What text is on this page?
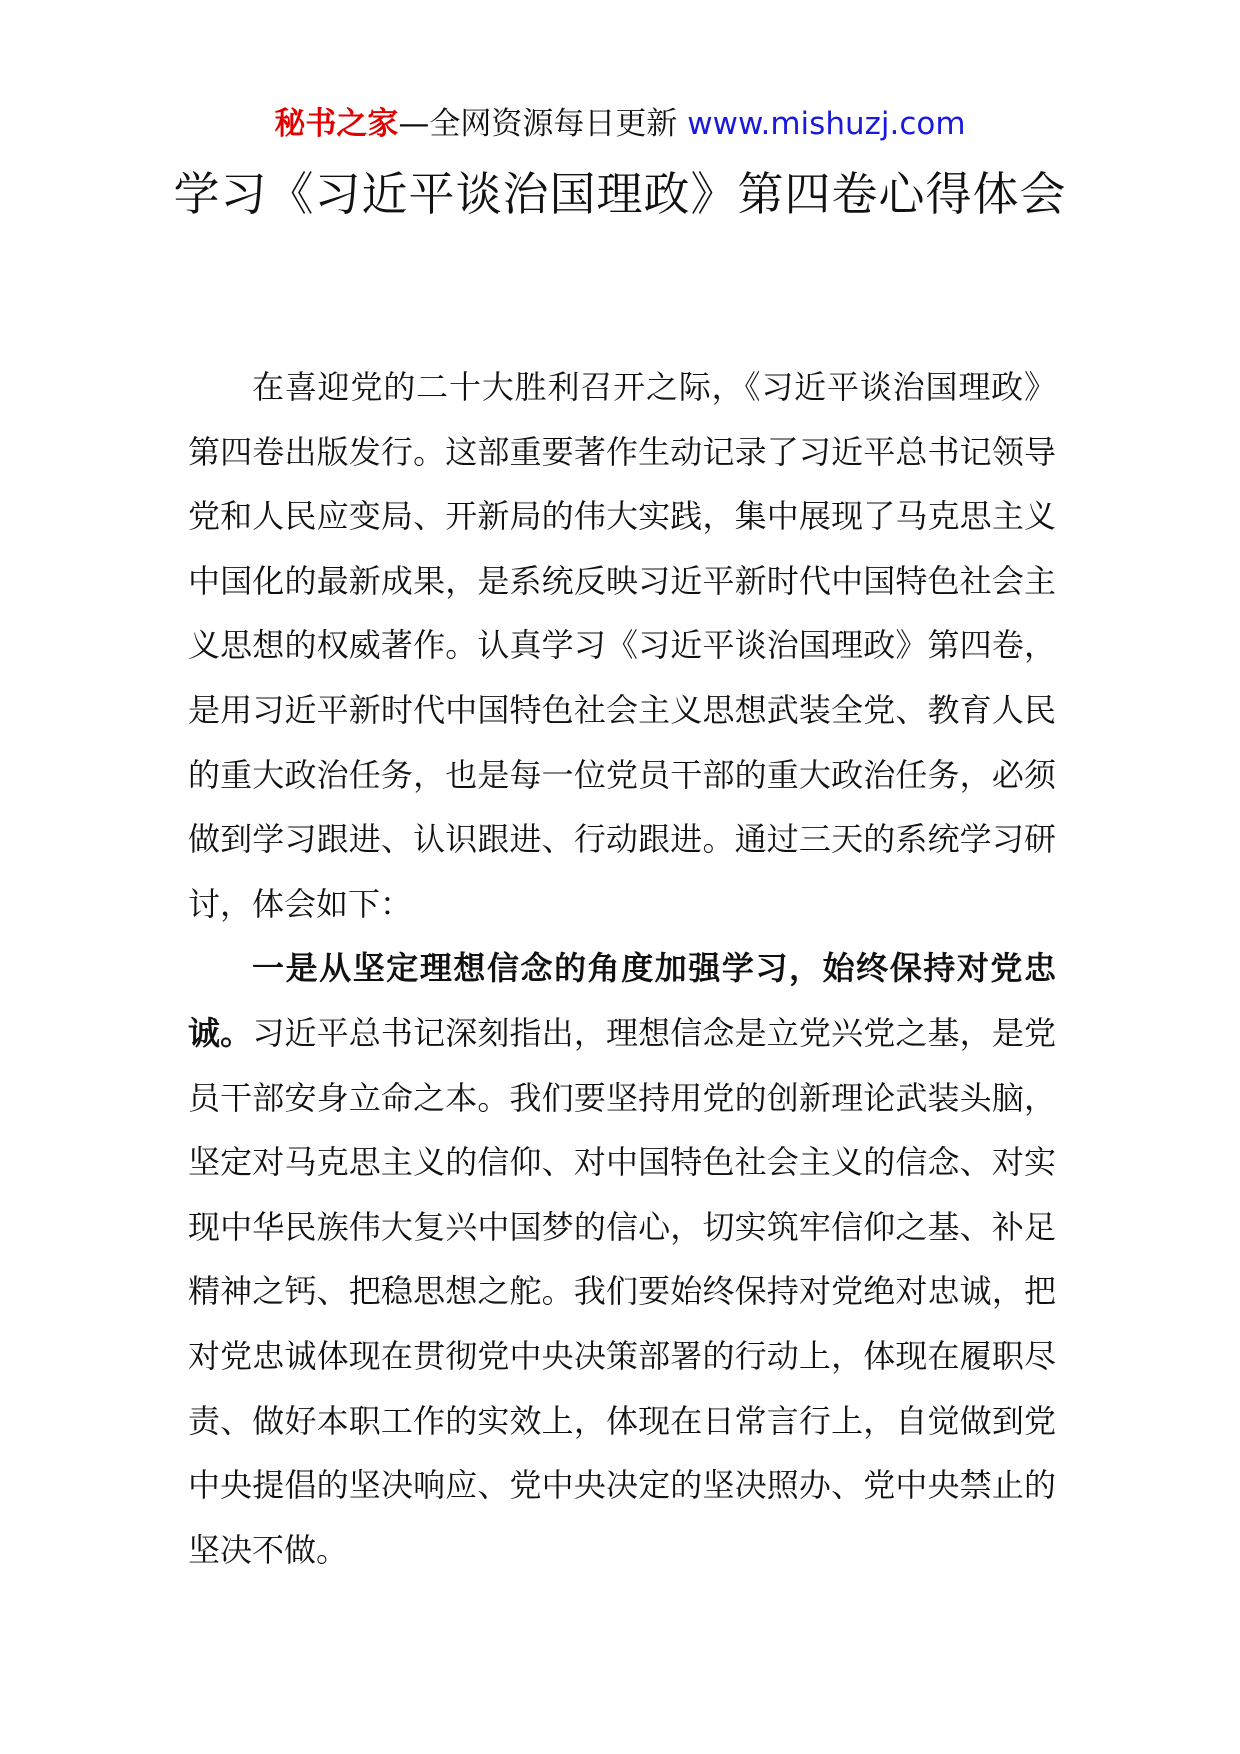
秘书之家—全网资源每日更新 www.mishuzj.com
学习《习近平谈治国理政》第四卷心得体会

在喜迎党的二十大胜利召开之际，《习近平谈治国理政》第四卷出版发行。这部重要著作生动记录了习近平总书记领导党和人民应变局、开新局的伟大实践，集中展现了马克思主义中国化的最新成果，是系统反映习近平新时代中国特色社会主义思想的权威著作。认真学习《习近平谈治国理政》第四卷，是用习近平新时代中国特色社会主义思想武装全党、教育人民的重大政治任务，也是每一位党员干部的重大政治任务，必须做到学习跟进、认识跟进、行动跟进。通过三天的系统学习研讨，体会如下：

一是从坚定理想信念的角度加强学习，始终保持对党忠诚。习近平总书记深刻指出，理想信念是立党兴党之基，是党员干部安身立命之本。我们要坚持用党的创新理论武装头脑，坚定对马克思主义的信仰、对中国特色社会主义的信念、对实现中华民族伟大复兴中国梦的信心，切实筑牢信仰之基、补足精神之钙、把稳思想之舵。我们要始终保持对党绝对忠诚，把对党忠诚体现在贯彻党中央决策部署的行动上，体现在履职尽责、做好本职工作的实效上，体现在日常言行上，自觉做到党中央提倡的坚决响应、党中央决定的坚决照办、党中央禁止的坚决不做。
